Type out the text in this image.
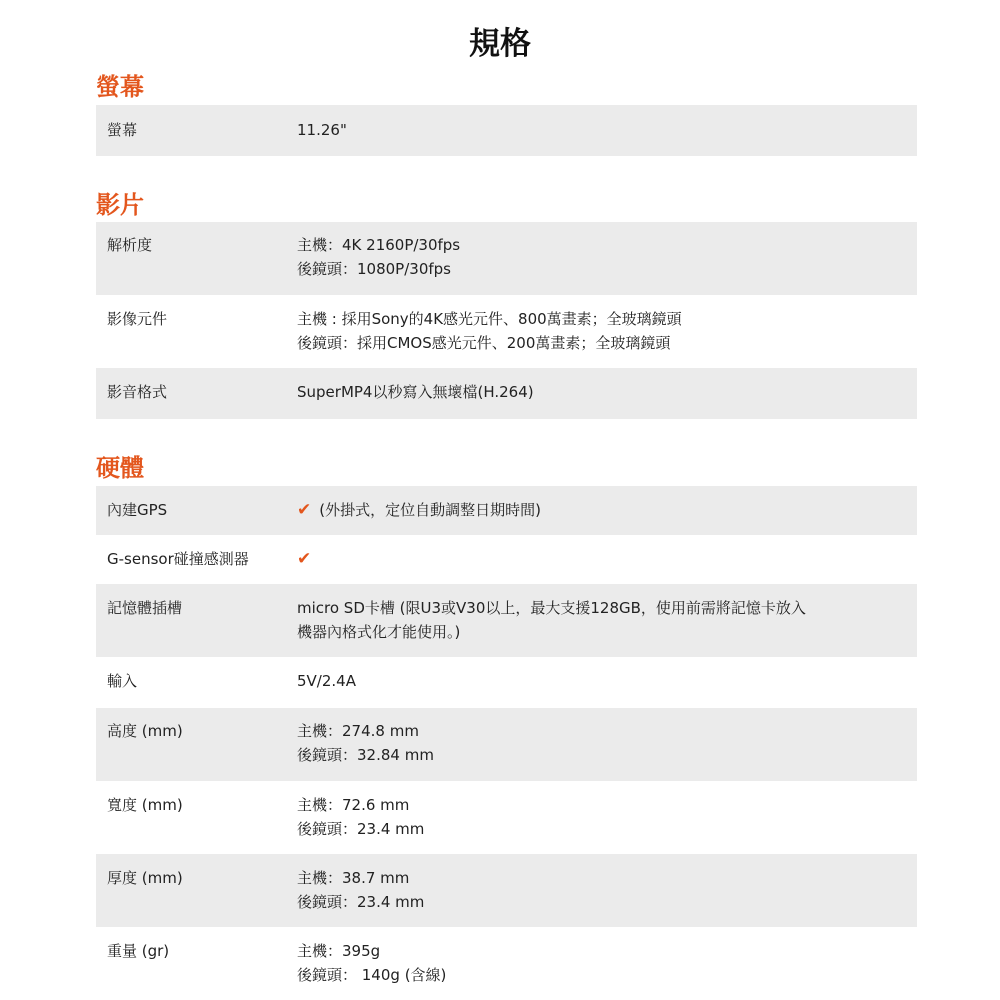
規格
螢幕
螢幕	11.26"
影片
解析度	主機：4K 2160P/30fps
後鏡頭：1080P/30fps
影像元件	主機 : 採用Sony的4K感光元件、800萬畫素；全玻璃鏡頭
後鏡頭：採用CMOS感光元件、200萬畫素；全玻璃鏡頭
影音格式	SuperMP4以秒寫入無壞檔(H.264)
硬體
內建GPS	✔ (外掛式，定位自動調整日期時間)
G-sensor碰撞感測器	✔
記憶體插槽	micro SD卡槽 (限U3或V30以上，最大支援128GB，使用前需將記憶卡放入
機器內格式化才能使用。)
輸入	5V/2.4A
高度 (mm)	主機：274.8 mm
後鏡頭：32.84 mm
寬度 (mm)	主機：72.6 mm
後鏡頭：23.4 mm
厚度 (mm)	主機：38.7 mm
後鏡頭：23.4 mm
重量 (gr)	主機：395g
後鏡頭： 140g (含線)
